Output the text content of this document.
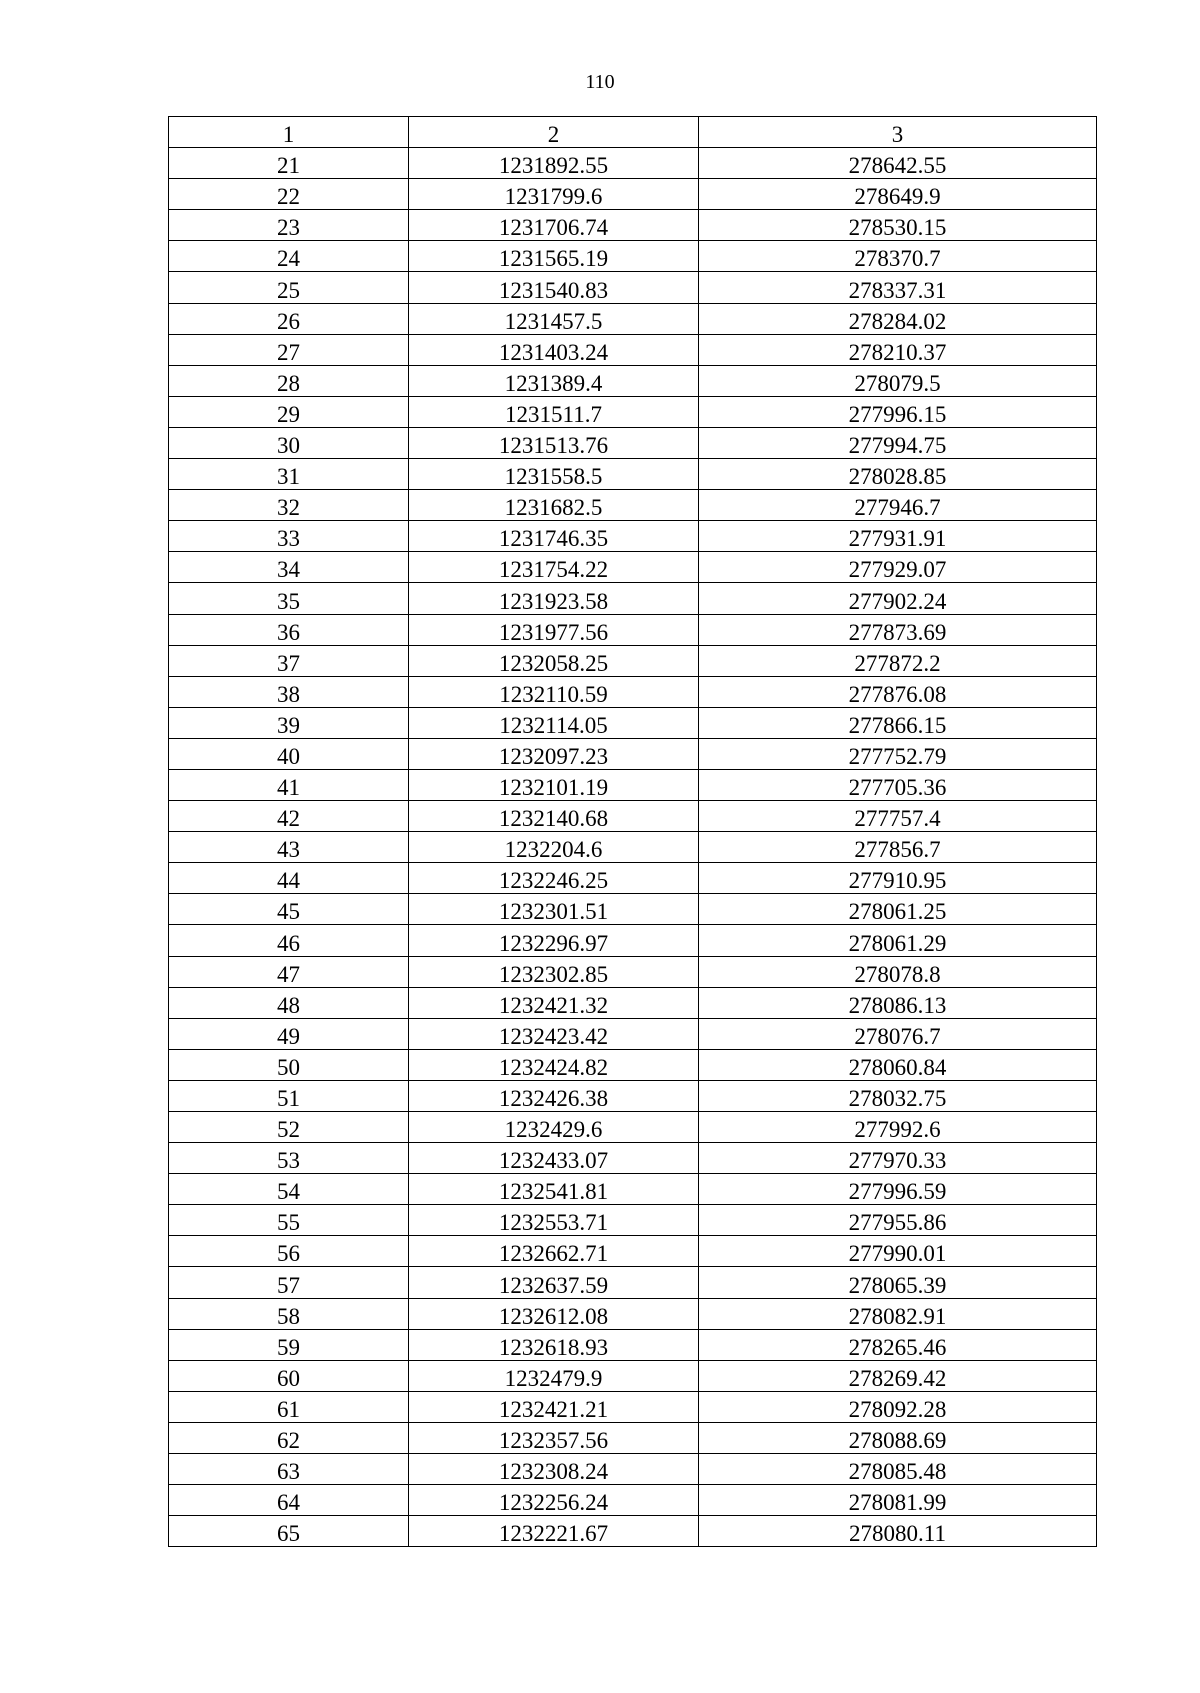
110
1	2	3
21	1231892.55	278642.55
22	1231799.6	278649.9
23	1231706.74	278530.15
24	1231565.19	278370.7
25	1231540.83	278337.31
26	1231457.5	278284.02
27	1231403.24	278210.37
28	1231389.4	278079.5
29	1231511.7	277996.15
30	1231513.76	277994.75
31	1231558.5	278028.85
32	1231682.5	277946.7
33	1231746.35	277931.91
34	1231754.22	277929.07
35	1231923.58	277902.24
36	1231977.56	277873.69
37	1232058.25	277872.2
38	1232110.59	277876.08
39	1232114.05	277866.15
40	1232097.23	277752.79
41	1232101.19	277705.36
42	1232140.68	277757.4
43	1232204.6	277856.7
44	1232246.25	277910.95
45	1232301.51	278061.25
46	1232296.97	278061.29
47	1232302.85	278078.8
48	1232421.32	278086.13
49	1232423.42	278076.7
50	1232424.82	278060.84
51	1232426.38	278032.75
52	1232429.6	277992.6
53	1232433.07	277970.33
54	1232541.81	277996.59
55	1232553.71	277955.86
56	1232662.71	277990.01
57	1232637.59	278065.39
58	1232612.08	278082.91
59	1232618.93	278265.46
60	1232479.9	278269.42
61	1232421.21	278092.28
62	1232357.56	278088.69
63	1232308.24	278085.48
64	1232256.24	278081.99
65	1232221.67	278080.11
